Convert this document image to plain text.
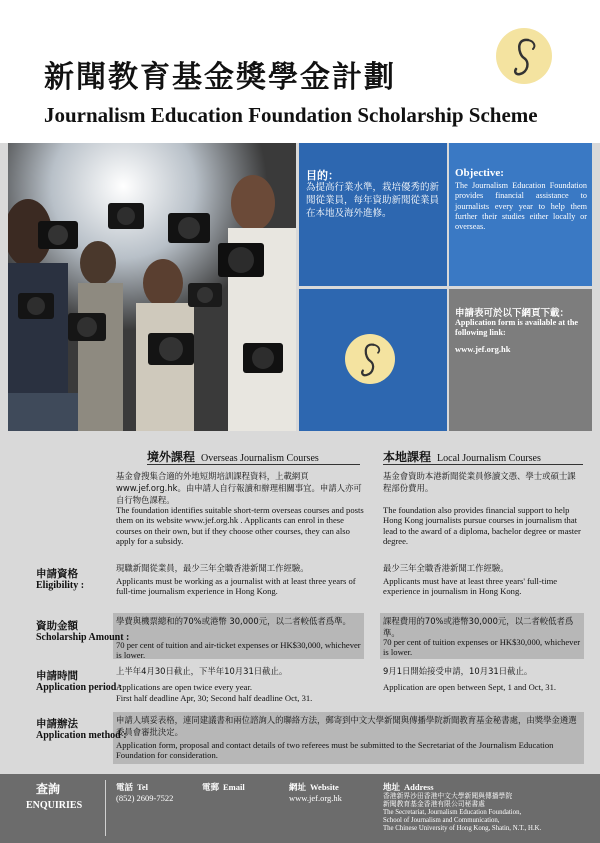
新聞教育基金獎學金計劃
Journalism Education Foundation Scholarship Scheme
目的：
為提高行業水準，栽培優秀的新聞從業員，每年資助新聞從業員在本地及海外進修。
Objective:
The Journalism Education Foundation provides financial assistance to journalists every year to help them further their studies either locally or overseas.
申請表可於以下網頁下載：
Application form is available at the following link:
www.jef.org.hk
境外課程 Overseas Journalism Courses	本地課程 Local Journalism Courses
基金會搜集合適的外地短期培訓課程資料，上載網頁www.jef.org.hk。由申請人自行報讀和辦理相關事宜。申請人亦可自行物色課程。
The foundation identifies suitable short-term overseas courses and posts them on its website www.jef.org.hk . Applicants can enrol in these courses on their own, but if they choose other courses, they can also apply for a subsidy.
基金會資助本港新聞從業員修讀文憑、學士或碩士課程部份費用。
The foundation also provides financial support to help Hong Kong journalists pursue courses in journalism that lead to the award of a diploma, bachelor degree or master degree.
申請資格
Eligibility :
現職新聞從業員，最少三年全職香港新聞工作經驗。
Applicants must be working as a journalist with at least three years of full-time journalism experience in Hong Kong.
最少三年全職香港新聞工作經驗。
Applicants must have at least three years' full-time experience in journalism in Hong Kong.
資助金額
Scholarship Amount :
學費與機票總和的70%或港幣 30,000元，以二者較低者爲準。
70 per cent of tuition and air-ticket expenses or HK$30,000, whichever is lower.
課程費用的70%或港幣30,000元，以二者較低者爲準。
70 per cent of tuition expenses or HK$30,000, whichever is lower.
申請時間
Application period :
上半年4月30日截止，下半年10月31日截止。
Applications are open twice every year.
First half deadline Apr, 30; Second half deadline Oct, 31.
9月1日開始接受申請，10月31日截止。
Application are open between Sept, 1 and Oct, 31.
申請辦法
Application method :
申請人填妥表格，連同建議書和兩位諮詢人的聯絡方法，郵寄到中文大學新聞與傳播學院新聞教育基金秘書處，由獎學金遴選委員會審批決定。
Application form, proposal and contact details of two referees must be submitted to the Secretariat of the Journalism Education Foundation for consideration.
查詢
ENQUIRIES
電話 Tel
(852) 2609-7522
電郵 Email	網址 Website
www.jef.org.hk
地址 Address
香港新界沙田香港中文大學新聞與傳播學院
新聞教育基金香港有限公司秘書處
The Secretariat, Journalism Education Foundation,
School of Journalism and Communication,
The Chinese University of Hong Kong, Shatin, N.T., H.K.
